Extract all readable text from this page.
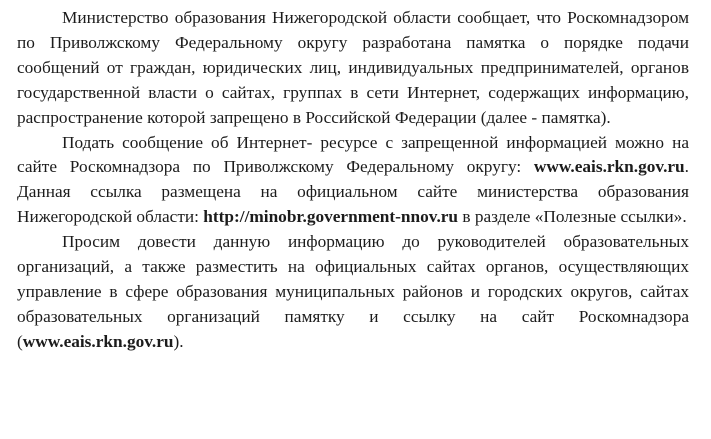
Министерство образования Нижегородской области сообщает, что Роскомнадзором по Приволжскому Федеральному округу разработана памятка о порядке подачи сообщений от граждан, юридических лиц, индивидуальных предпринимателей, органов государственной власти о сайтах, группах в сети Интернет, содержащих информацию, распространение которой запрещено в Российской Федерации (далее - памятка).

Подать сообщение об Интернет- ресурсе с запрещенной информацией можно на сайте Роскомнадзора по Приволжскому Федеральному округу: www.eais.rkn.gov.ru. Данная ссылка размещена на официальном сайте министерства образования Нижегородской области: http://minobr.government-nnov.ru в разделе «Полезные ссылки».

Просим довести данную информацию до руководителей образовательных организаций, а также разместить на официальных сайтах органов, осуществляющих управление в сфере образования муниципальных районов и городских округов, сайтах образовательных организаций памятку и ссылку на сайт Роскомнадзора (www.eais.rkn.gov.ru).
